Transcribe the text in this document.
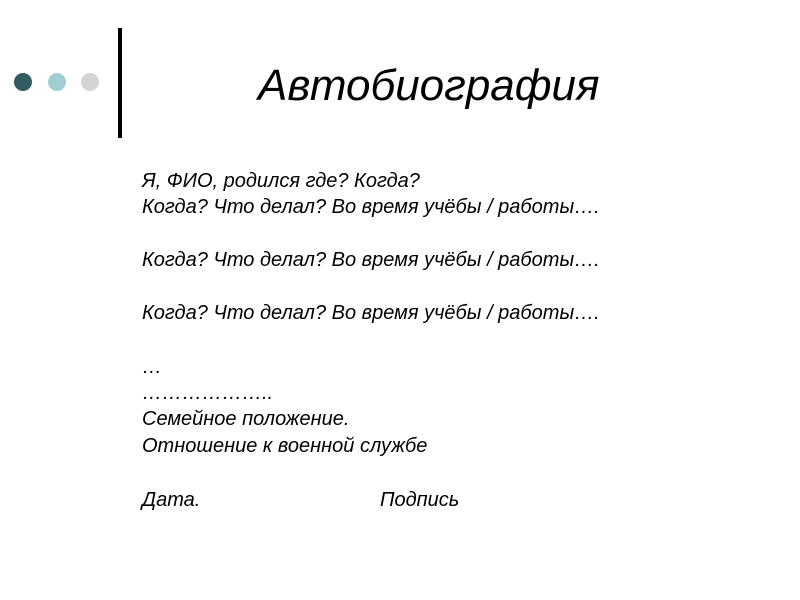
Автобиография
Я, ФИО, родился где? Когда?
Когда? Что делал? Во время учёбы / работы….
Когда? Что делал? Во время учёбы / работы….
Когда? Что делал? Во время учёбы / работы….
…
………………..
Семейное положение.
Отношение к военной службе
Дата.	Подпись
